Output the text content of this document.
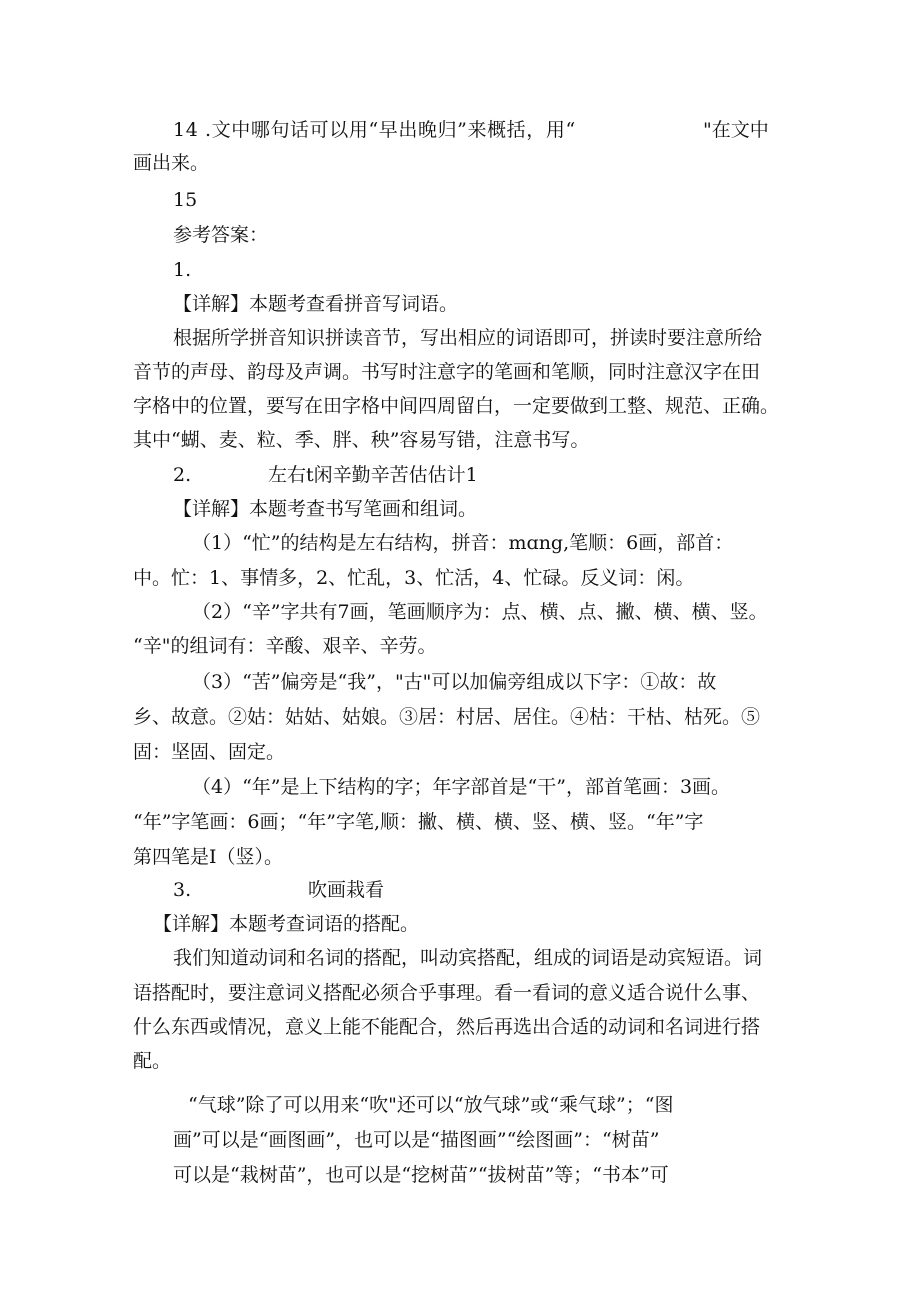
14 .文中哪句话可以用“早出晚归”来概括，用“	"在文中
画出来。
15
参考答案：
1.
【详解】本题考查看拼音写词语。
根据所学拼音知识拼读音节，写出相应的词语即可，拼读时要注意所给
音节的声母、韵母及声调。书写时注意字的笔画和笔顺，同时注意汉字在田
字格中的位置，要写在田字格中间四周留白，一定要做到工整、规范、正确。
其中“蝴、麦、粒、季、胖、秧”容易写错，注意书写。
2.	左右t闲辛勤辛苦估估计1
【详解】本题考查书写笔画和组词。
（1）“忙”的结构是左右结构，拼音：mɑng,笔顺：6画，部首：
中。忙：1、事情多，2、忙乱，3、忙活，4、忙碌。反义词：闲。
（2）“辛”字共有7画，笔画顺序为：点、横、点、撇、横、横、竖。
“辛"的组词有：辛酸、艰辛、辛劳。
（3）“苦”偏旁是“我”，"古"可以加偏旁组成以下字：①故：故
乡、故意。②姑：姑姑、姑娘。③居：村居、居住。④枯：干枯、枯死。⑤
固：坚固、固定。
（4）“年”是上下结构的字；年字部首是“干”，部首笔画：3画。
“年”字笔画：6画；“年”字笔,顺：撇、横、横、竖、横、竖。“年”字
第四笔是I（竖）。
3.	吹画栽看
【详解】本题考查词语的搭配。
我们知道动词和名词的搭配，叫动宾搭配，组成的词语是动宾短语。词
语搭配时，要注意词义搭配必须合乎事理。看一看词的意义适合说什么事、
什么东西或情况，意义上能不能配合，然后再选出合适的动词和名词进行搭
配。
“气球”除了可以用来“吹"还可以“放气球”或“乘气球”；“图
画”可以是“画图画”，也可以是“描图画”“绘图画”：“树苗”
可以是“栽树苗”，也可以是“挖树苗”“拔树苗”等；“书本”可
